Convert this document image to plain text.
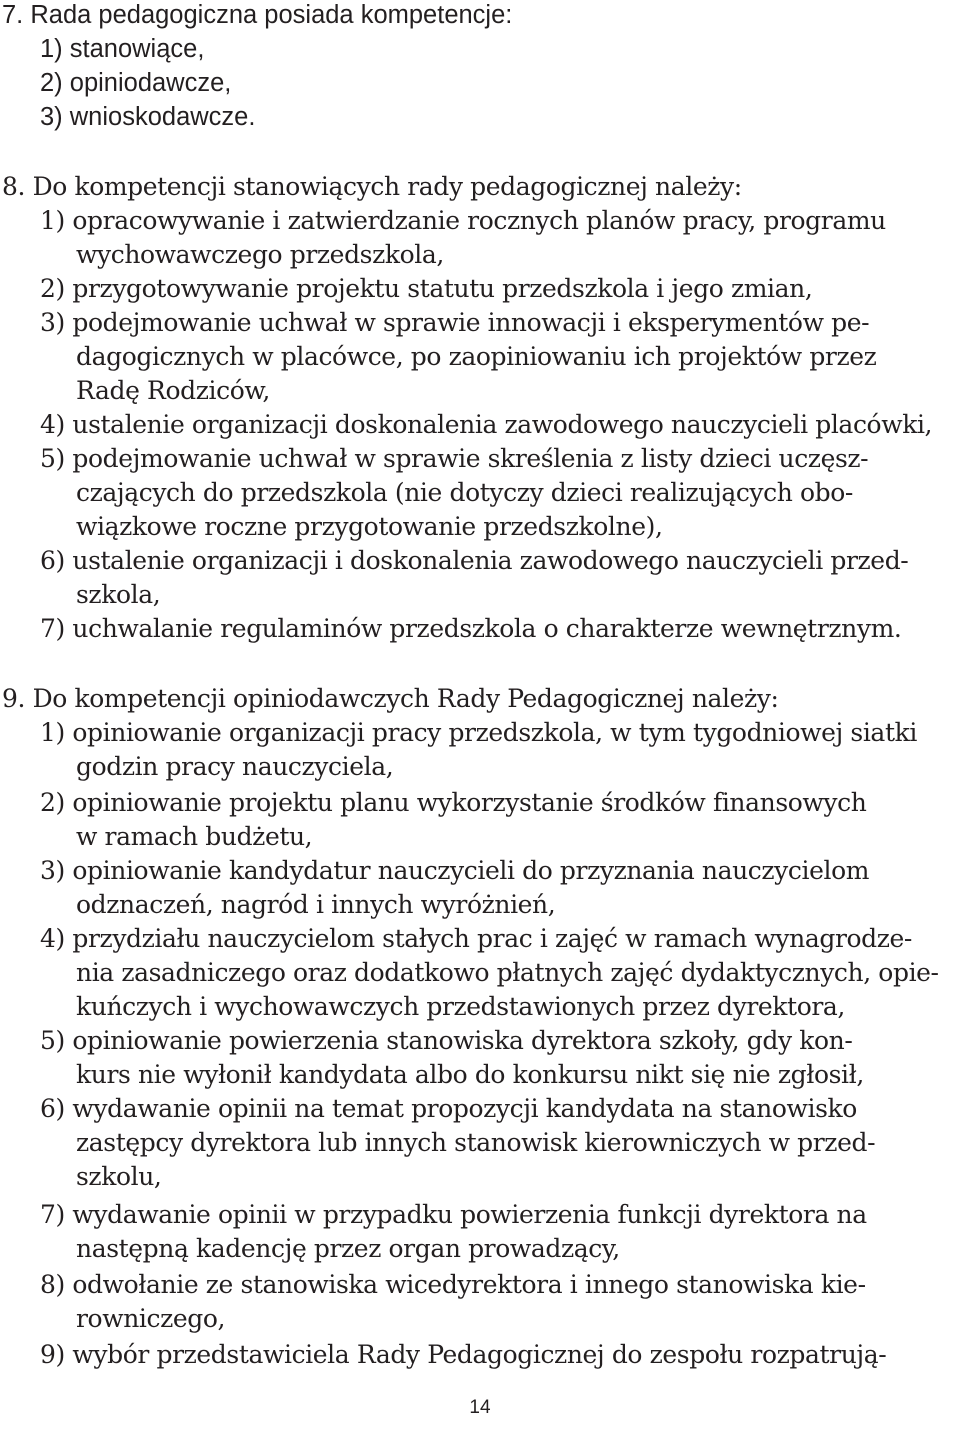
7. Rada pedagogiczna posiada kompetencje:
1) stanowiące,
2) opiniodawcze,
3) wnioskodawcze.
8. Do kompetencji stanowiących rady pedagogicznej należy:
1) opracowywanie i zatwierdzanie rocznych planów pracy, programu
wychowawczego przedszkola,
2) przygotowywanie projektu statutu przedszkola i jego zmian,
3) podejmowanie uchwał w sprawie innowacji i eksperymentów pe-
dagogicznych w placówce, po zaopiniowaniu ich projektów przez
Radę Rodziców,
4) ustalenie organizacji doskonalenia zawodowego nauczycieli placówki,
5) podejmowanie uchwał w sprawie skreślenia z listy dzieci uczęsz-
czających do przedszkola (nie dotyczy dzieci realizujących obo-
wiązkowe roczne przygotowanie przedszkolne),
6) ustalenie organizacji i doskonalenia zawodowego nauczycieli przed-
szkola,
7) uchwalanie regulaminów przedszkola o charakterze wewnętrznym.
9. Do kompetencji opiniodawczych Rady Pedagogicznej należy:
1) opiniowanie organizacji pracy przedszkola, w tym tygodniowej siatki
godzin pracy nauczyciela,
2) opiniowanie projektu planu wykorzystanie środków finansowych
w ramach budżetu,
3) opiniowanie kandydatur nauczycieli do przyznania nauczycielom
odznaczeń, nagród i innych wyróżnień,
4) przydziału nauczycielom stałych prac i zajęć w ramach wynagrodze-
nia zasadniczego oraz dodatkowo płatnych zajęć dydaktycznych, opie-
kuńczych i wychowawczych przedstawionych przez dyrektora,
5) opiniowanie powierzenia stanowiska dyrektora szkoły, gdy kon-
kurs nie wyłonił kandydata albo do konkursu nikt się nie zgłosił,
6) wydawanie opinii na temat propozycji kandydata na stanowisko
zastępcy dyrektora lub innych stanowisk kierowniczych w przed-
szkolu,
7) wydawanie opinii w przypadku powierzenia funkcji dyrektora na
następną kadencję przez organ prowadzący,
8) odwołanie ze stanowiska wicedyrektora i innego stanowiska kie-
rowniczego,
9) wybór przedstawiciela Rady Pedagogicznej do zespołu rozpatrują-
14
